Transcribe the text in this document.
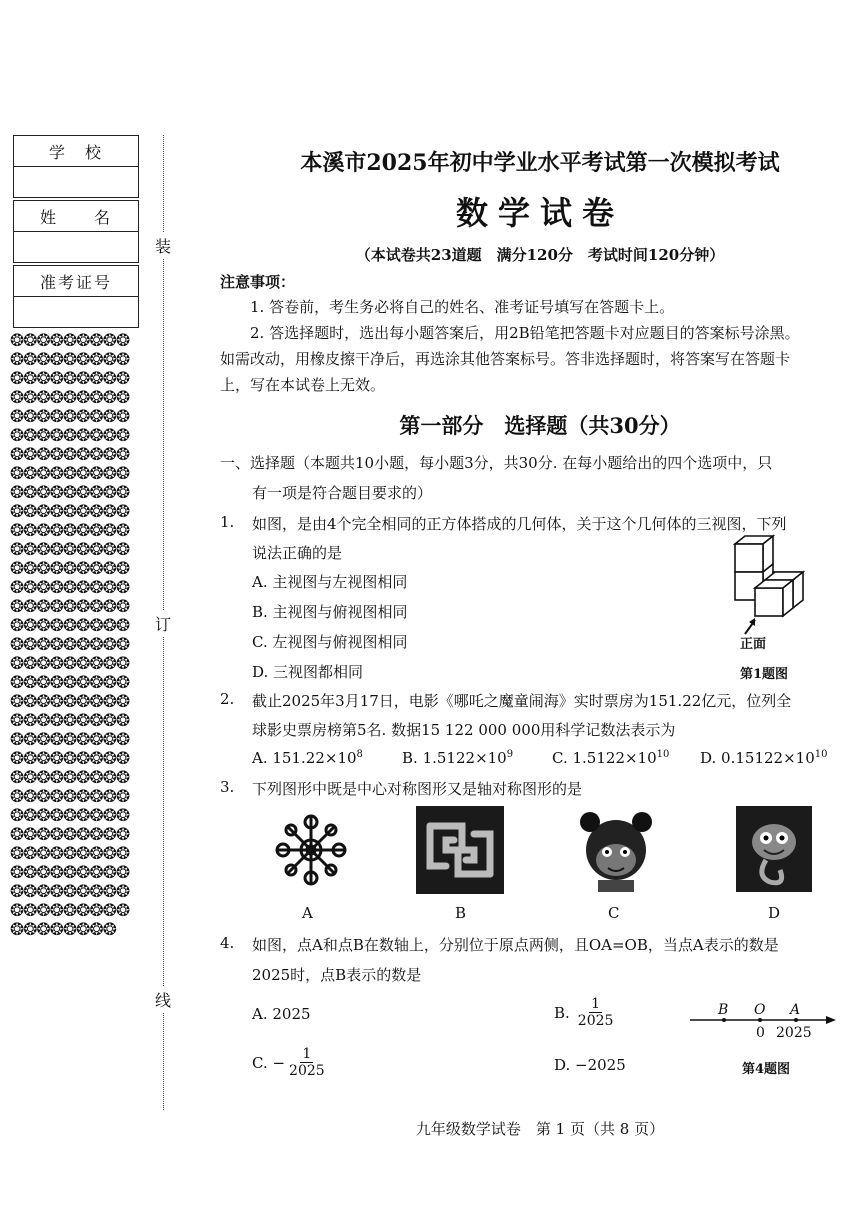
学　校
姓　　名
准考证号
❂❂❂❂❂❂❂❂❂❂❂❂❂❂❂❂❂❂❂❂❂❂❂❂❂❂❂❂❂❂❂❂❂❂❂❂❂❂❂❂❂❂❂❂❂❂❂❂❂❂❂❂❂❂❂❂❂❂❂❂❂❂❂❂❂❂❂❂❂❂❂❂❂❂❂❂❂❂❂❂❂❂❂❂❂❂❂❂❂❂❂❂❂❂❂❂❂❂❂❂❂❂❂❂❂❂❂❂❂❂❂❂❂❂❂❂❂❂❂❂❂❂❂❂❂❂❂❂❂❂❂❂❂❂❂❂❂❂❂❂❂❂❂❂❂❂❂❂❂❂❂❂❂❂❂❂❂❂❂❂❂❂❂❂❂❂❂❂❂❂❂❂❂❂❂❂❂❂❂❂❂❂❂❂❂❂❂❂❂❂❂❂❂❂❂❂❂❂❂❂❂❂❂❂❂❂❂❂❂❂❂❂❂❂❂❂❂❂❂❂❂❂❂❂❂❂❂❂❂❂❂❂❂❂❂❂❂❂❂❂❂❂❂❂❂❂❂❂❂❂❂❂❂❂❂❂❂❂❂❂❂❂❂❂❂❂❂❂❂❂❂❂❂❂❂❂❂❂❂❂❂❂❂❂❂❂❂
装
订
线
本溪市2025年初中学业水平考试第一次模拟考试
数学试卷
（本试卷共23道题　满分120分　考试时间120分钟）
注意事项：
1. 答卷前，考生务必将自己的姓名、准考证号填写在答题卡上。
2. 答选择题时，选出每小题答案后，用2B铅笔把答题卡对应题目的答案标号涂黑。
如需改动，用橡皮擦干净后，再选涂其他答案标号。答非选择题时，将答案写在答题卡
上，写在本试卷上无效。
第一部分　选择题（共30分）
一、选择题（本题共10小题，每小题3分，共30分. 在每小题给出的四个选项中，只
有一项是符合题目要求的）
1. 如图，是由4个完全相同的正方体搭成的几何体，关于这个几何体的三视图，下列
说法正确的是
A. 主视图与左视图相同
B. 主视图与俯视图相同
C. 左视图与俯视图相同
D. 三视图都相同
正面
第1题图
2. 截止2025年3月17日，电影《哪吒之魔童闹海》实时票房为151.22亿元，位列全
球影史票房榜第5名. 数据15 122 000 000用科学记数法表示为
A. $151.22\times 10^8$	B. $1.5122\times 10^9$	C. $1.5122\times 10^{10}$ D. $0.15122\times 10^{10}$
3. 下列图形中既是中心对称图形又是轴对称图形的是
A	B	C	D
4. 如图，点A和点B在数轴上，分别位于原点两侧，且OA=OB，当点A表示的数是
2025时，点B表示的数是
A. 2025	B. $\frac{1}{2025}$
C. − $\frac{1}{2025}$	D. −2025
B O A
0 2025
第4题图
九年级数学试卷　第 1 页（共 8 页）
